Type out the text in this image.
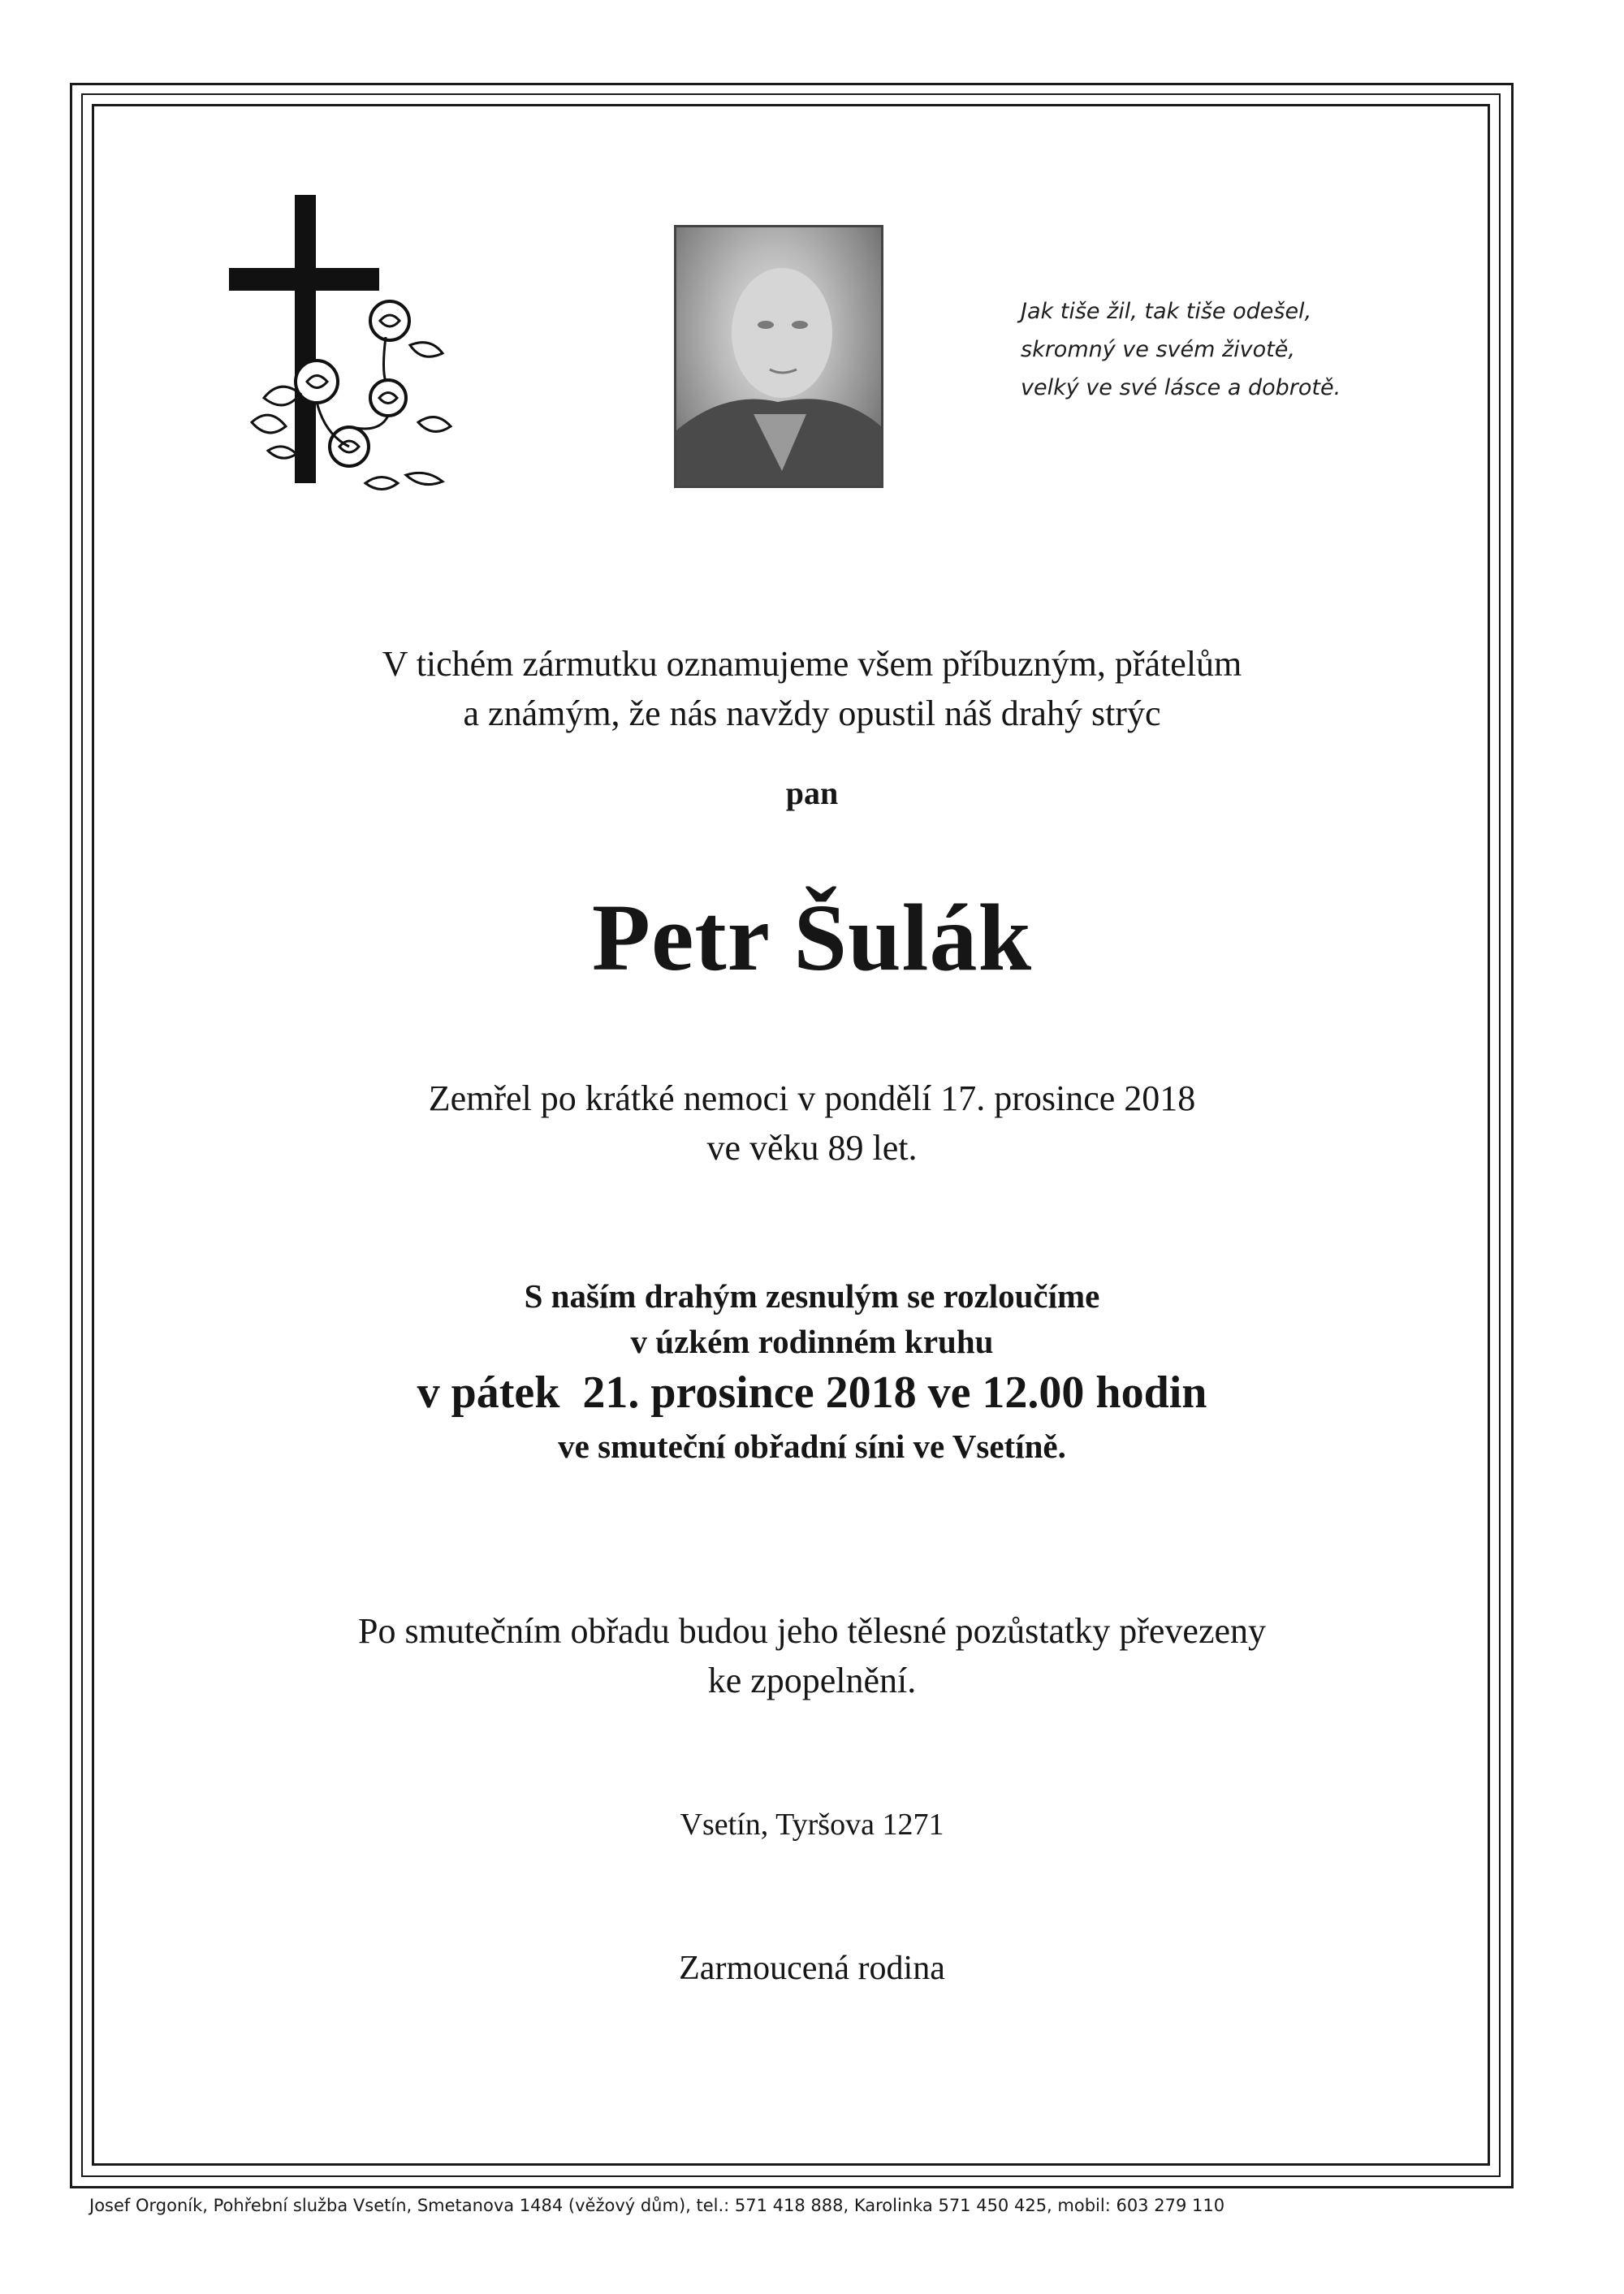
Jak tiše žil, tak tiše odešel,
skromný ve svém životě,
velký ve své lásce a dobrotě.
V tichém zármutku oznamujeme všem příbuzným, přátelům
a známým, že nás navždy opustil náš drahý strýc
pan
Petr Šulák
Zemřel po krátké nemoci v pondělí 17. prosince 2018
ve věku 89 let.
S naším drahým zesnulým se rozloučíme
v úzkém rodinném kruhu
v pátek  21. prosince 2018 ve 12.00 hodin
ve smuteční obřadní síni ve Vsetíně.
Po smutečním obřadu budou jeho tělesné pozůstatky převezeny
ke zpopelnění.
Vsetín, Tyršova 1271
Zarmoucená rodina
Josef Orgoník, Pohřební služba Vsetín, Smetanova 1484 (věžový dům), tel.: 571 418 888, Karolinka 571 450 425, mobil: 603 279 110
